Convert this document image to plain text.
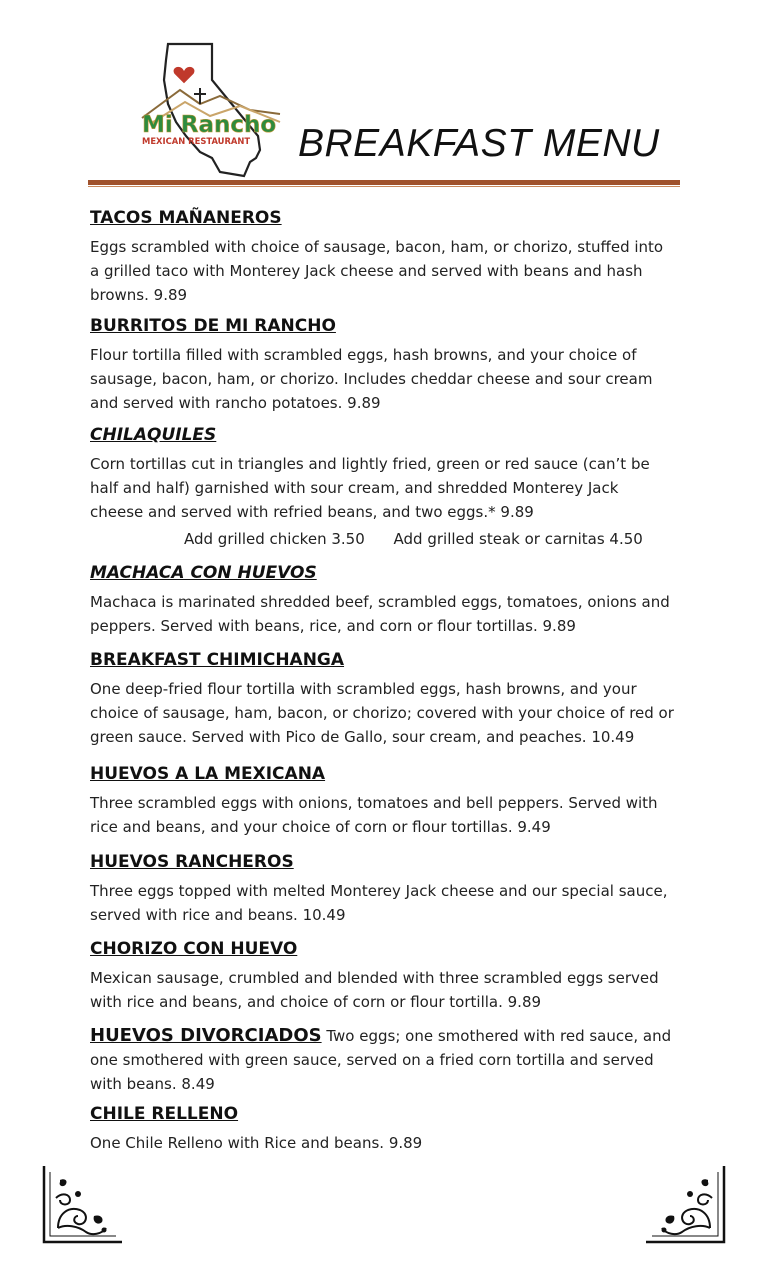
Mi Rancho
MEXICAN RESTAURANT BREAKFAST MENU
TACOS MAÑANEROS

Eggs scrambled with choice of sausage, bacon, ham, or chorizo, stuffed into a grilled taco with Monterey Jack cheese and served with beans and hash browns. 9.89

BURRITOS DE MI RANCHO

Flour tortilla filled with scrambled eggs, hash browns, and your choice of sausage, bacon, ham, or chorizo. Includes cheddar cheese and sour cream and served with rancho potatoes. 9.89

CHILAQUILES

Corn tortillas cut in triangles and lightly fried, green or red sauce (can’t be half and half) garnished with sour cream, and shredded Monterey Jack cheese and served with refried beans, and two eggs.* 9.89

Add grilled chicken 3.50 Add grilled steak or carnitas 4.50
MACHACA CON HUEVOS

Machaca is marinated shredded beef, scrambled eggs, tomatoes, onions and peppers. Served with beans, rice, and corn or flour tortillas. 9.89

BREAKFAST CHIMICHANGA

One deep-fried flour tortilla with scrambled eggs, hash browns, and your choice of sausage, ham, bacon, or chorizo; covered with your choice of red or green sauce. Served with Pico de Gallo, sour cream, and peaches. 10.49

HUEVOS A LA MEXICANA

Three scrambled eggs with onions, tomatoes and bell peppers. Served with rice and beans, and your choice of corn or flour tortillas. 9.49

HUEVOS RANCHEROS

Three eggs topped with melted Monterey Jack cheese and our special sauce, served with rice and beans. 10.49

CHORIZO CON HUEVO

Mexican sausage, crumbled and blended with three scrambled eggs served with rice and beans, and choice of corn or flour tortilla. 9.89

HUEVOS DIVORCIADOS Two eggs; one smothered with red sauce, and one smothered with green sauce, served on a fried corn tortilla and served with beans. 8.49

CHILE RELLENO

One Chile Relleno with Rice and beans. 9.89
